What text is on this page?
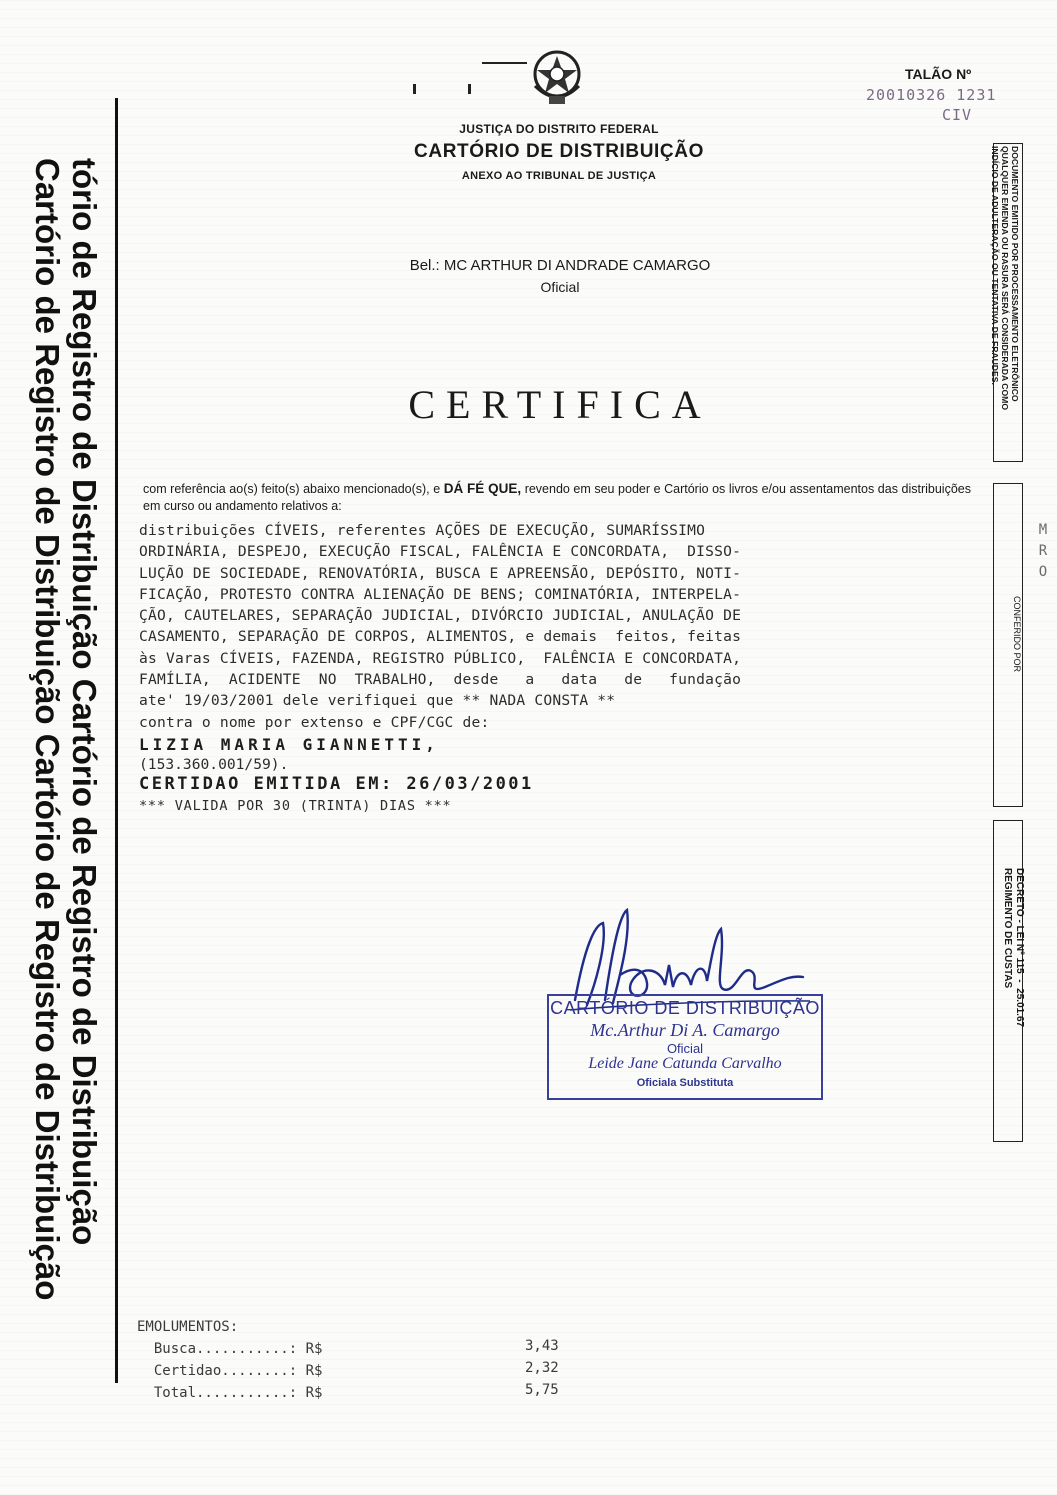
tório de Registro de Distribuição Cartório de Registro de Distribuição
Cartório de Registro de Distribuição Cartório de Registro de Distribuição
TALÃO Nº
20010326 1231
CIV
JUSTIÇA DO DISTRITO FEDERAL
CARTÓRIO DE DISTRIBUIÇÃO
ANEXO AO TRIBUNAL DE JUSTIÇA
Bel.: MC ARTHUR DI ANDRADE CAMARGO
Oficial
CERTIFICA
com referência ao(s) feito(s) abaixo mencionado(s), e DÁ FÉ QUE, revendo em seu poder e Cartório os livros e/ou assentamentos das distribuições em curso ou andamento relativos a:
distribuições CÍVEIS, referentes AÇÕES DE EXECUÇÃO, SUMARÍSSIMO
ORDINÁRIA, DESPEJO, EXECUÇÃO FISCAL, FALÊNCIA E CONCORDATA,  DISSO-
LUÇÃO DE SOCIEDADE, RENOVATÓRIA, BUSCA E APREENSÃO, DEPÓSITO, NOTI-
FICAÇÃO, PROTESTO CONTRA ALIENAÇÃO DE BENS; COMINATÓRIA, INTERPELA-
ÇÃO, CAUTELARES, SEPARAÇÃO JUDICIAL, DIVÓRCIO JUDICIAL, ANULAÇÃO DE
CASAMENTO, SEPARAÇÃO DE CORPOS, ALIMENTOS, e demais  feitos, feitas
às Varas CÍVEIS, FAZENDA, REGISTRO PÚBLICO,  FALÊNCIA E CONCORDATA,
FAMÍLIA,  ACIDENTE  NO  TRABALHO,  desde   a   data   de   fundação
ate' 19/03/2001 dele verifiquei que ** NADA CONSTA **
contra o nome por extenso e CPF/CGC de:
LIZIA MARIA GIANNETTI,
(153.360.001/59).
CERTIDAO EMITIDA EM: 26/03/2001
*** VALIDA POR 30 (TRINTA) DIAS ***
DOCUMENTO EMITIDO POR PROCESSAMENTO ELETRÔNICO
QUALQUER EMENDA OU RASURA SERÁ CONSIDERADA COMO
INDÍCIO DE ADULTERAÇÃO OU TENTATIVA DE FRAUDES.
CONFERIDO POR
M
R
O
DECRETO - LEI Nº 115  -  25.01.67
REGIMENTO DE CUSTAS
CARTÓRIO DE DISTRIBUIÇÃO
Mc.Arthur Di A. Camargo
Oficial
Leide Jane Catunda Carvalho
Oficiala Substituta
EMOLUMENTOS:
Busca...........: R$
Certidao........: R$
Total...........: R$
3,43
2,32
5,75
